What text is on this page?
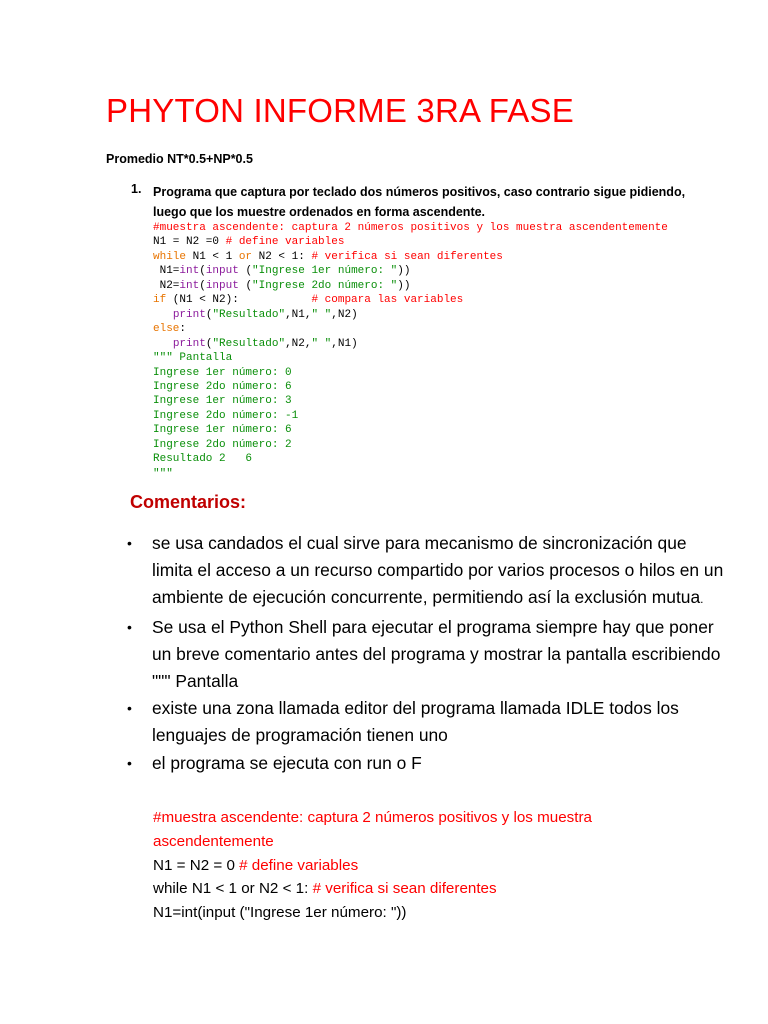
PHYTON INFORME 3RA FASE
Promedio NT*0.5+NP*0.5
1. Programa que captura por teclado dos números positivos, caso contrario sigue pidiendo, luego que los muestre ordenados en forma ascendente.
#muestra ascendente: captura 2 números positivos y los muestra ascendentemente
N1 = N2 =0 # define variables
while N1 < 1 or N2 < 1: # verifica si sean diferentes
N1=int(input ("Ingrese 1er número: "))
N2=int(input ("Ingrese 2do número: "))
if (N1 < N2):           # compara las variables
print("Resultado",N1," ",N2)
else:
print("Resultado",N2," ",N1)
""" Pantalla
Ingrese 1er número: 0
Ingrese 2do número: 6
Ingrese 1er número: 3
Ingrese 2do número: -1
Ingrese 1er número: 6
Ingrese 2do número: 2
Resultado 2   6
"""
Comentarios:
• se usa candados el cual sirve para mecanismo de sincronización que limita el acceso a un recurso compartido por varios procesos o hilos en un ambiente de ejecución concurrente, permitiendo así la exclusión mutua.
• Se usa el Python Shell para ejecutar el programa siempre hay que poner un breve comentario antes del programa y mostrar la pantalla escribiendo """ Pantalla
• existe una zona llamada editor del programa llamada IDLE todos los lenguajes de programación tienen uno
• el programa se ejecuta con run o F
#muestra ascendente: captura 2 números positivos y los muestra ascendentemente
N1 = N2 = 0 # define variables
while N1 < 1 or N2 < 1: # verifica si sean diferentes
N1=int(input ("Ingrese 1er número: "))
